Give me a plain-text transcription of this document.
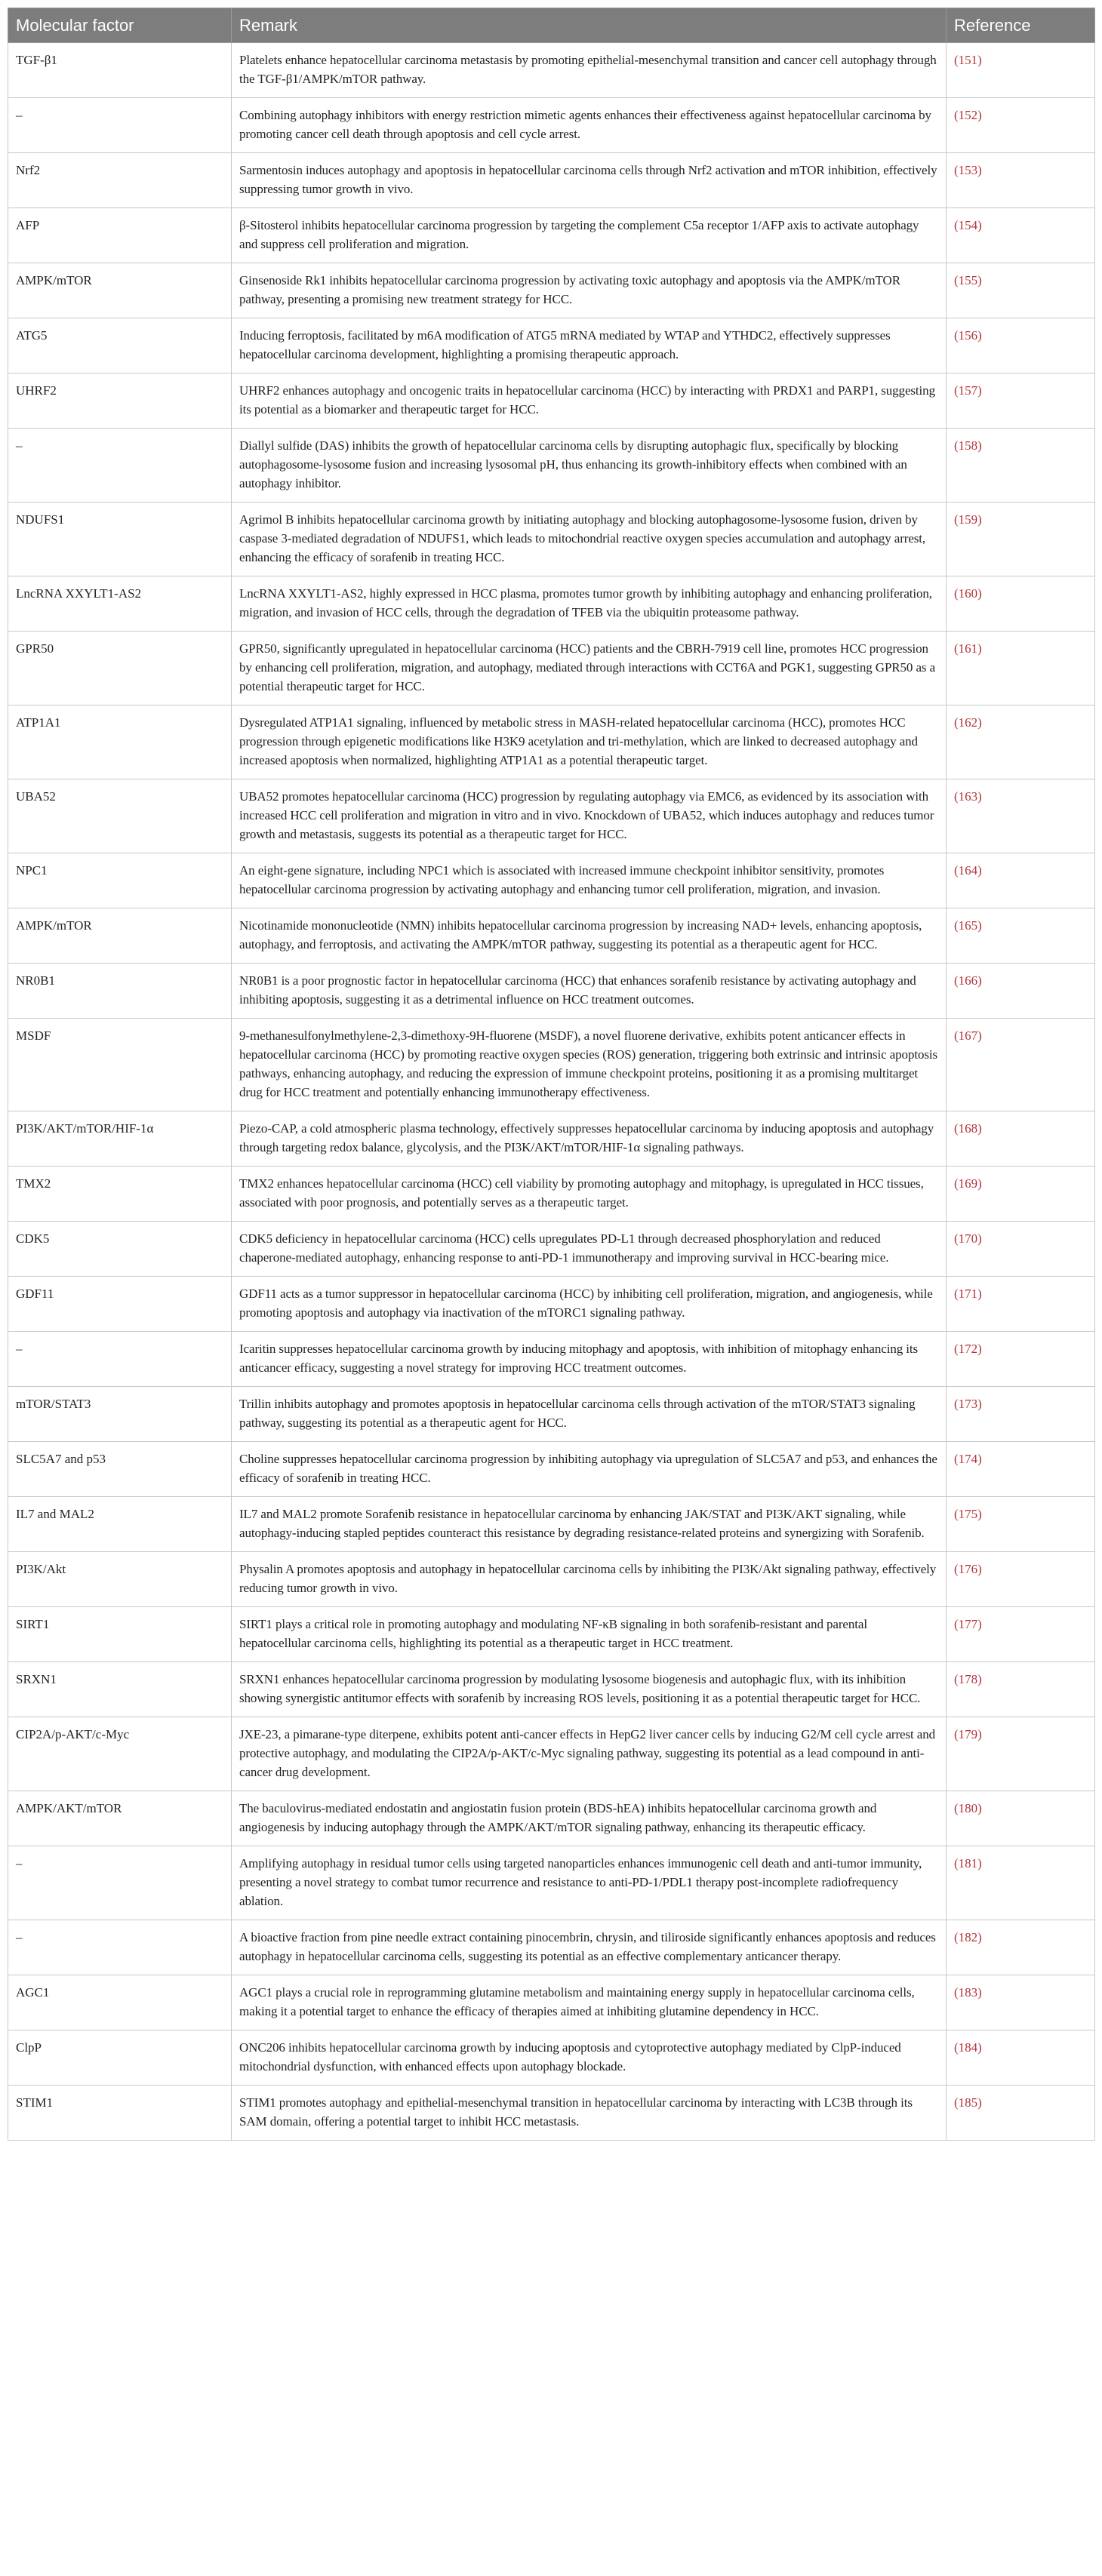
Molecular factor	Remark	Reference
TGF-β1	Platelets enhance hepatocellular carcinoma metastasis by promoting epithelial-mesenchymal transition and cancer cell autophagy through the TGF-β1/AMPK/mTOR pathway.	(151)
–	Combining autophagy inhibitors with energy restriction mimetic agents enhances their effectiveness against hepatocellular carcinoma by promoting cancer cell death through apoptosis and cell cycle arrest.	(152)
Nrf2	Sarmentosin induces autophagy and apoptosis in hepatocellular carcinoma cells through Nrf2 activation and mTOR inhibition, effectively suppressing tumor growth in vivo.	(153)
AFP	β-Sitosterol inhibits hepatocellular carcinoma progression by targeting the complement C5a receptor 1/AFP axis to activate autophagy and suppress cell proliferation and migration.	(154)
AMPK/mTOR	Ginsenoside Rk1 inhibits hepatocellular carcinoma progression by activating toxic autophagy and apoptosis via the AMPK/mTOR pathway, presenting a promising new treatment strategy for HCC.	(155)
ATG5	Inducing ferroptosis, facilitated by m6A modification of ATG5 mRNA mediated by WTAP and YTHDC2, effectively suppresses hepatocellular carcinoma development, highlighting a promising therapeutic approach.	(156)
UHRF2	UHRF2 enhances autophagy and oncogenic traits in hepatocellular carcinoma (HCC) by interacting with PRDX1 and PARP1, suggesting its potential as a biomarker and therapeutic target for HCC.	(157)
–	Diallyl sulfide (DAS) inhibits the growth of hepatocellular carcinoma cells by disrupting autophagic flux, specifically by blocking autophagosome-lysosome fusion and increasing lysosomal pH, thus enhancing its growth-inhibitory effects when combined with an autophagy inhibitor.	(158)
NDUFS1	Agrimol B inhibits hepatocellular carcinoma growth by initiating autophagy and blocking autophagosome-lysosome fusion, driven by caspase 3-mediated degradation of NDUFS1, which leads to mitochondrial reactive oxygen species accumulation and autophagy arrest, enhancing the efficacy of sorafenib in treating HCC.	(159)
LncRNA XXYLT1-AS2	LncRNA XXYLT1-AS2, highly expressed in HCC plasma, promotes tumor growth by inhibiting autophagy and enhancing proliferation, migration, and invasion of HCC cells, through the degradation of TFEB via the ubiquitin proteasome pathway.	(160)
GPR50	GPR50, significantly upregulated in hepatocellular carcinoma (HCC) patients and the CBRH-7919 cell line, promotes HCC progression by enhancing cell proliferation, migration, and autophagy, mediated through interactions with CCT6A and PGK1, suggesting GPR50 as a potential therapeutic target for HCC.	(161)
ATP1A1	Dysregulated ATP1A1 signaling, influenced by metabolic stress in MASH-related hepatocellular carcinoma (HCC), promotes HCC progression through epigenetic modifications like H3K9 acetylation and tri-methylation, which are linked to decreased autophagy and increased apoptosis when normalized, highlighting ATP1A1 as a potential therapeutic target.	(162)
UBA52	UBA52 promotes hepatocellular carcinoma (HCC) progression by regulating autophagy via EMC6, as evidenced by its association with increased HCC cell proliferation and migration in vitro and in vivo. Knockdown of UBA52, which induces autophagy and reduces tumor growth and metastasis, suggests its potential as a therapeutic target for HCC.	(163)
NPC1	An eight-gene signature, including NPC1 which is associated with increased immune checkpoint inhibitor sensitivity, promotes hepatocellular carcinoma progression by activating autophagy and enhancing tumor cell proliferation, migration, and invasion.	(164)
AMPK/mTOR	Nicotinamide mononucleotide (NMN) inhibits hepatocellular carcinoma progression by increasing NAD+ levels, enhancing apoptosis, autophagy, and ferroptosis, and activating the AMPK/mTOR pathway, suggesting its potential as a therapeutic agent for HCC.	(165)
NR0B1	NR0B1 is a poor prognostic factor in hepatocellular carcinoma (HCC) that enhances sorafenib resistance by activating autophagy and inhibiting apoptosis, suggesting it as a detrimental influence on HCC treatment outcomes.	(166)
MSDF	9-methanesulfonylmethylene-2,3-dimethoxy-9H-fluorene (MSDF), a novel fluorene derivative, exhibits potent anticancer effects in hepatocellular carcinoma (HCC) by promoting reactive oxygen species (ROS) generation, triggering both extrinsic and intrinsic apoptosis pathways, enhancing autophagy, and reducing the expression of immune checkpoint proteins, positioning it as a promising multitarget drug for HCC treatment and potentially enhancing immunotherapy effectiveness.	(167)
PI3K/AKT/mTOR/HIF-1α	Piezo-CAP, a cold atmospheric plasma technology, effectively suppresses hepatocellular carcinoma by inducing apoptosis and autophagy through targeting redox balance, glycolysis, and the PI3K/AKT/mTOR/HIF-1α signaling pathways.	(168)
TMX2	TMX2 enhances hepatocellular carcinoma (HCC) cell viability by promoting autophagy and mitophagy, is upregulated in HCC tissues, associated with poor prognosis, and potentially serves as a therapeutic target.	(169)
CDK5	CDK5 deficiency in hepatocellular carcinoma (HCC) cells upregulates PD-L1 through decreased phosphorylation and reduced chaperone-mediated autophagy, enhancing response to anti-PD-1 immunotherapy and improving survival in HCC-bearing mice.	(170)
GDF11	GDF11 acts as a tumor suppressor in hepatocellular carcinoma (HCC) by inhibiting cell proliferation, migration, and angiogenesis, while promoting apoptosis and autophagy via inactivation of the mTORC1 signaling pathway.	(171)
–	Icaritin suppresses hepatocellular carcinoma growth by inducing mitophagy and apoptosis, with inhibition of mitophagy enhancing its anticancer efficacy, suggesting a novel strategy for improving HCC treatment outcomes.	(172)
mTOR/STAT3	Trillin inhibits autophagy and promotes apoptosis in hepatocellular carcinoma cells through activation of the mTOR/STAT3 signaling pathway, suggesting its potential as a therapeutic agent for HCC.	(173)
SLC5A7 and p53	Choline suppresses hepatocellular carcinoma progression by inhibiting autophagy via upregulation of SLC5A7 and p53, and enhances the efficacy of sorafenib in treating HCC.	(174)
IL7 and MAL2	IL7 and MAL2 promote Sorafenib resistance in hepatocellular carcinoma by enhancing JAK/STAT and PI3K/AKT signaling, while autophagy-inducing stapled peptides counteract this resistance by degrading resistance-related proteins and synergizing with Sorafenib.	(175)
PI3K/Akt	Physalin A promotes apoptosis and autophagy in hepatocellular carcinoma cells by inhibiting the PI3K/Akt signaling pathway, effectively reducing tumor growth in vivo.	(176)
SIRT1	SIRT1 plays a critical role in promoting autophagy and modulating NF-κB signaling in both sorafenib-resistant and parental hepatocellular carcinoma cells, highlighting its potential as a therapeutic target in HCC treatment.	(177)
SRXN1	SRXN1 enhances hepatocellular carcinoma progression by modulating lysosome biogenesis and autophagic flux, with its inhibition showing synergistic antitumor effects with sorafenib by increasing ROS levels, positioning it as a potential therapeutic target for HCC.	(178)
CIP2A/p-AKT/c-Myc	JXE-23, a pimarane-type diterpene, exhibits potent anti-cancer effects in HepG2 liver cancer cells by inducing G2/M cell cycle arrest and protective autophagy, and modulating the CIP2A/p-AKT/c-Myc signaling pathway, suggesting its potential as a lead compound in anti-cancer drug development.	(179)
AMPK/AKT/mTOR	The baculovirus-mediated endostatin and angiostatin fusion protein (BDS-hEA) inhibits hepatocellular carcinoma growth and angiogenesis by inducing autophagy through the AMPK/AKT/mTOR signaling pathway, enhancing its therapeutic efficacy.	(180)
–	Amplifying autophagy in residual tumor cells using targeted nanoparticles enhances immunogenic cell death and anti-tumor immunity, presenting a novel strategy to combat tumor recurrence and resistance to anti-PD-1/PDL1 therapy post-incomplete radiofrequency ablation.	(181)
–	A bioactive fraction from pine needle extract containing pinocembrin, chrysin, and tiliroside significantly enhances apoptosis and reduces autophagy in hepatocellular carcinoma cells, suggesting its potential as an effective complementary anticancer therapy.	(182)
AGC1	AGC1 plays a crucial role in reprogramming glutamine metabolism and maintaining energy supply in hepatocellular carcinoma cells, making it a potential target to enhance the efficacy of therapies aimed at inhibiting glutamine dependency in HCC.	(183)
ClpP	ONC206 inhibits hepatocellular carcinoma growth by inducing apoptosis and cytoprotective autophagy mediated by ClpP-induced mitochondrial dysfunction, with enhanced effects upon autophagy blockade.	(184)
STIM1	STIM1 promotes autophagy and epithelial-mesenchymal transition in hepatocellular carcinoma by interacting with LC3B through its SAM domain, offering a potential target to inhibit HCC metastasis.	(185)
